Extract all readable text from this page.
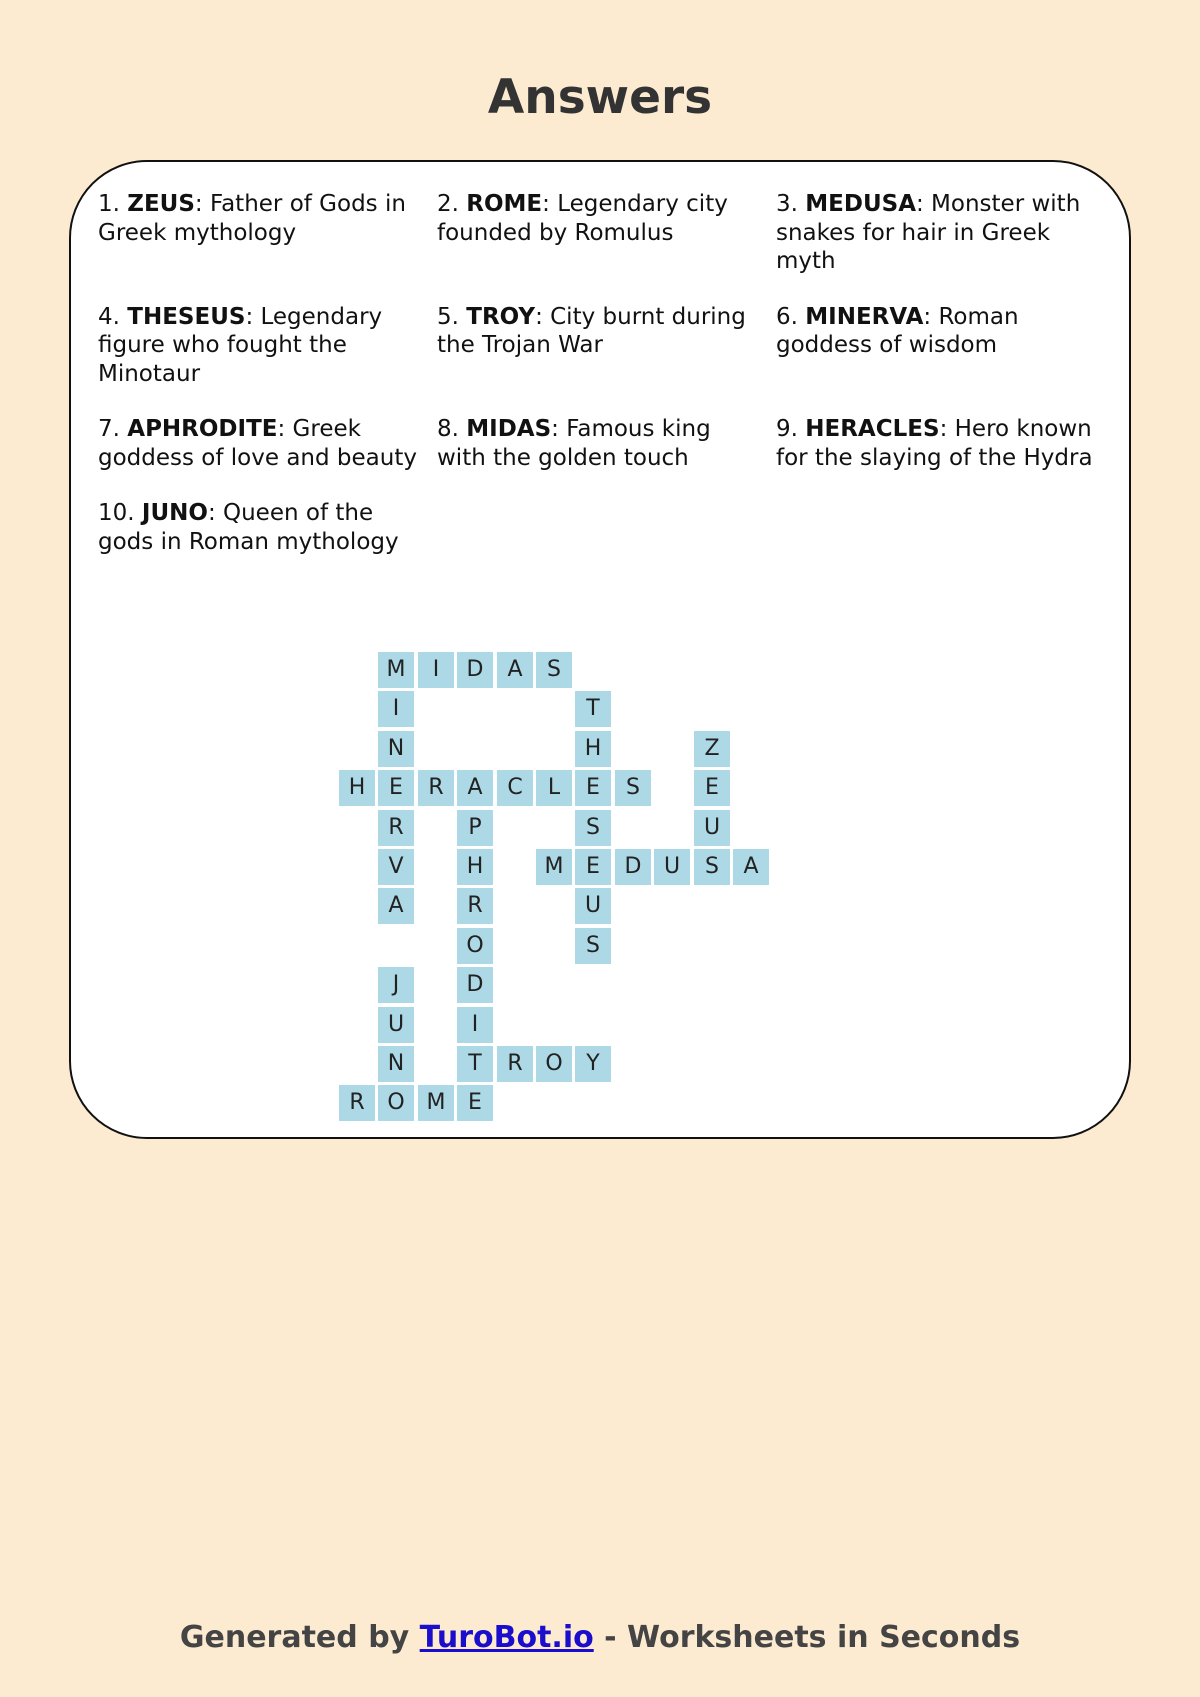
Answers
1. ZEUS: Father of Gods in Greek mythology
2. ROME: Legendary city founded by Romulus
3. MEDUSA: Monster with snakes for hair in Greek myth
4. THESEUS: Legendary figure who fought the Minotaur
5. TROY: City burnt during the Trojan War
6. MINERVA: Roman goddess of wisdom
7. APHRODITE: Greek goddess of love and beauty
8. MIDAS: Famous king with the golden touch
9. HERACLES: Hero known for the slaying of the Hydra
10. JUNO: Queen of the gods in Roman mythology
M	I	D	A	S
I
N
E
R
V
A
T
H
E
S
E
U
S
Z
E
U
S
H	R	A	C	L	S
P
H
R
O
D
I
T
E
M	D	U	A
J
U
N
O
R	O	Y
R	M
Generated by TuroBot.io - Worksheets in Seconds
